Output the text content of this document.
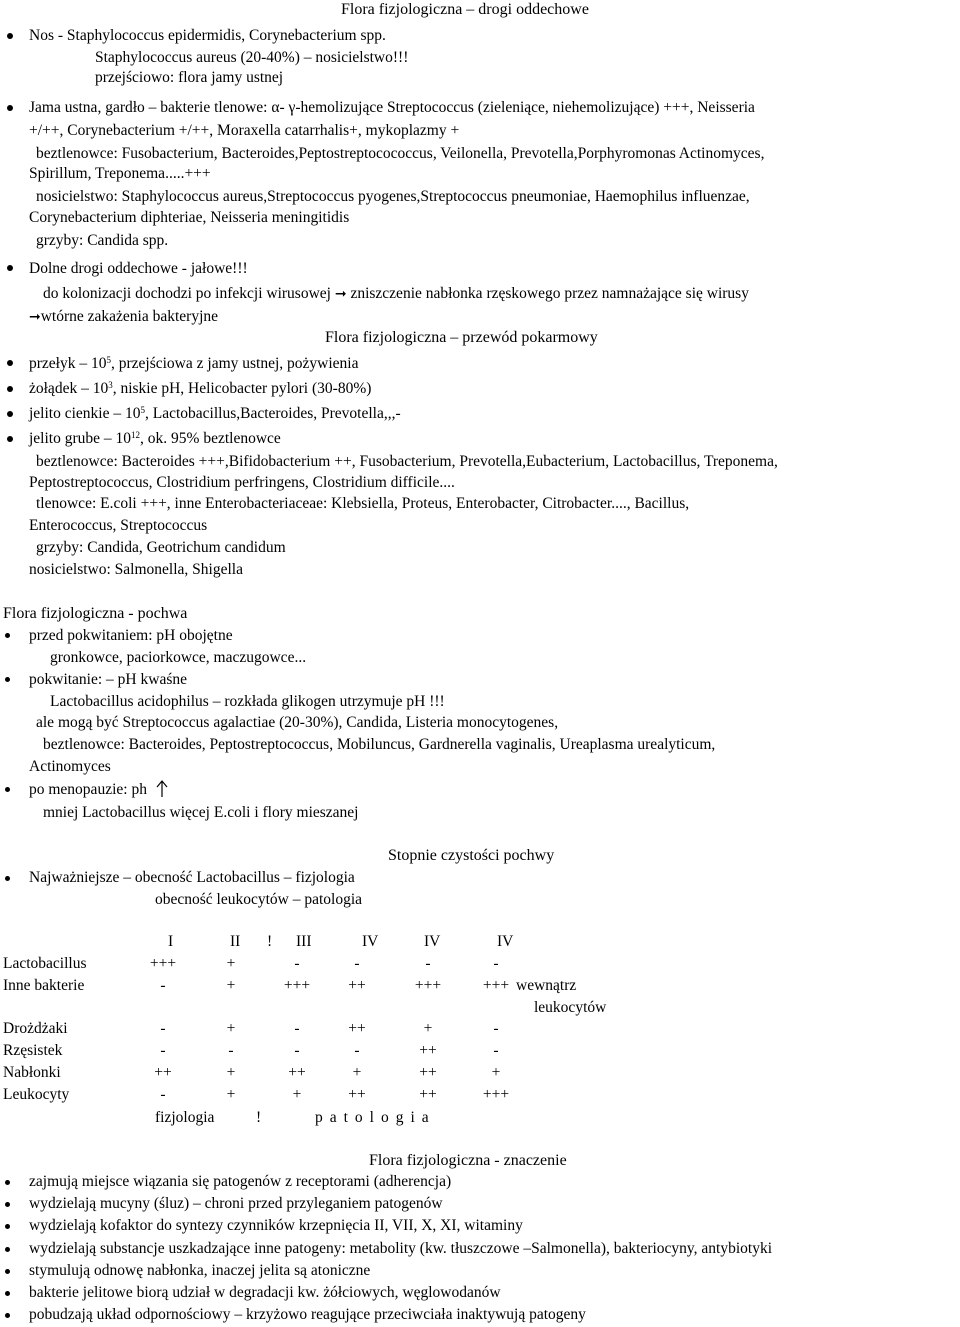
Flora fizjologiczna – drogi oddechowe
Nos - Staphylococcus epidermidis, Corynebacterium spp.
Staphylococcus aureus (20-40%) – nosicielstwo!!!
przejściowo: flora jamy ustnej
Jama ustna, gardło – bakterie tlenowe: α- γ-hemolizujące Streptococcus (zieleniące, niehemolizujące) +++, Neisseria
+/++, Corynebacterium +/++, Moraxella catarrhalis+, mykoplazmy +
beztlenowce: Fusobacterium, Bacteroides,Peptostreptocococcus, Veilonella, Prevotella,Porphyromonas Actinomyces,
Spirillum, Treponema.....+++
nosicielstwo: Staphylococcus aureus,Streptococcus pyogenes,Streptococcus pneumoniae, Haemophilus influenzae,
Corynebacterium diphteriae, Neisseria meningitidis
grzyby: Candida spp.
Dolne drogi oddechowe - jałowe!!!
do kolonizacji dochodzi po infekcji wirusowej ➞ zniszczenie nabłonka rzęskowego przez namnażające się wirusy
➞wtórne zakażenia bakteryjne
Flora fizjologiczna – przewód pokarmowy
przełyk – $10^5$, przejściowa z jamy ustnej, pożywienia
żołądek – $10^3$, niskie pH, Helicobacter pylori (30-80%)
jelito cienkie – $10^5$, Lactobacillus,Bacteroides, Prevotella,,,-
jelito grube – $10^{12}$, ok. 95% beztlenowce
beztlenowce: Bacteroides +++,Bifidobacterium ++, Fusobacterium, Prevotella,Eubacterium, Lactobacillus, Treponema,
Peptostreptococcus, Clostridium perfringens, Clostridium difficile....
tlenowce: E.coli +++, inne Enterobacteriaceae: Klebsiella, Proteus, Enterobacter, Citrobacter...., Bacillus,
Enterococcus, Streptococcus
grzyby: Candida, Geotrichum candidum
nosicielstwo: Salmonella, Shigella
Flora fizjologiczna - pochwa
przed pokwitaniem: pH obojętne
gronkowce, paciorkowce, maczugowce...
pokwitanie: – pH kwaśne
Lactobacillus acidophilus – rozkłada glikogen utrzymuje pH !!!
ale mogą być Streptococcus agalactiae (20-30%), Candida, Listeria monocytogenes,
beztlenowce: Bacteroides, Peptostreptococcus, Mobiluncus, Gardnerella vaginalis, Ureaplasma urealyticum,
Actinomyces
po menopauzie: ph
mniej Lactobacillus więcej E.coli i flory mieszanej
Stopnie czystości pochwy
Najważniejsze – obecność Lactobacillus – fizjologia
obecność leukocytów – patologia
I	II ! III	IV	IV	IV
Lactobacillus	+++	+	-	-	-	-
Inne bakterie	-	+	+++	++	+++	+++
Drożdżaki	-	+	-	++	+	-
Rzęsistek	-	-	-	-	++	-
Nabłonki	++	+	++	+	++	+
Leukocyty	-	+	+	++	++	+++
wewnątrz
leukocytów
fizjologia	!	patologia
Flora fizjologiczna - znaczenie
zajmują miejsce wiązania się patogenów z receptorami (adherencja)
wydzielają mucyny (śluz) – chroni przed przyleganiem patogenów
wydzielają kofaktor do syntezy czynników krzepnięcia II, VII, X, XI, witaminy
wydzielają substancje uszkadzające inne patogeny: metabolity (kw. tłuszczowe –Salmonella), bakteriocyny, antybiotyki
stymulują odnowę nabłonka, inaczej jelita są atoniczne
bakterie jelitowe biorą udział w degradacji kw. żółciowych, węglowodanów
pobudzają układ odpornościowy – krzyżowo reagujące przeciwciała inaktywują patogeny
